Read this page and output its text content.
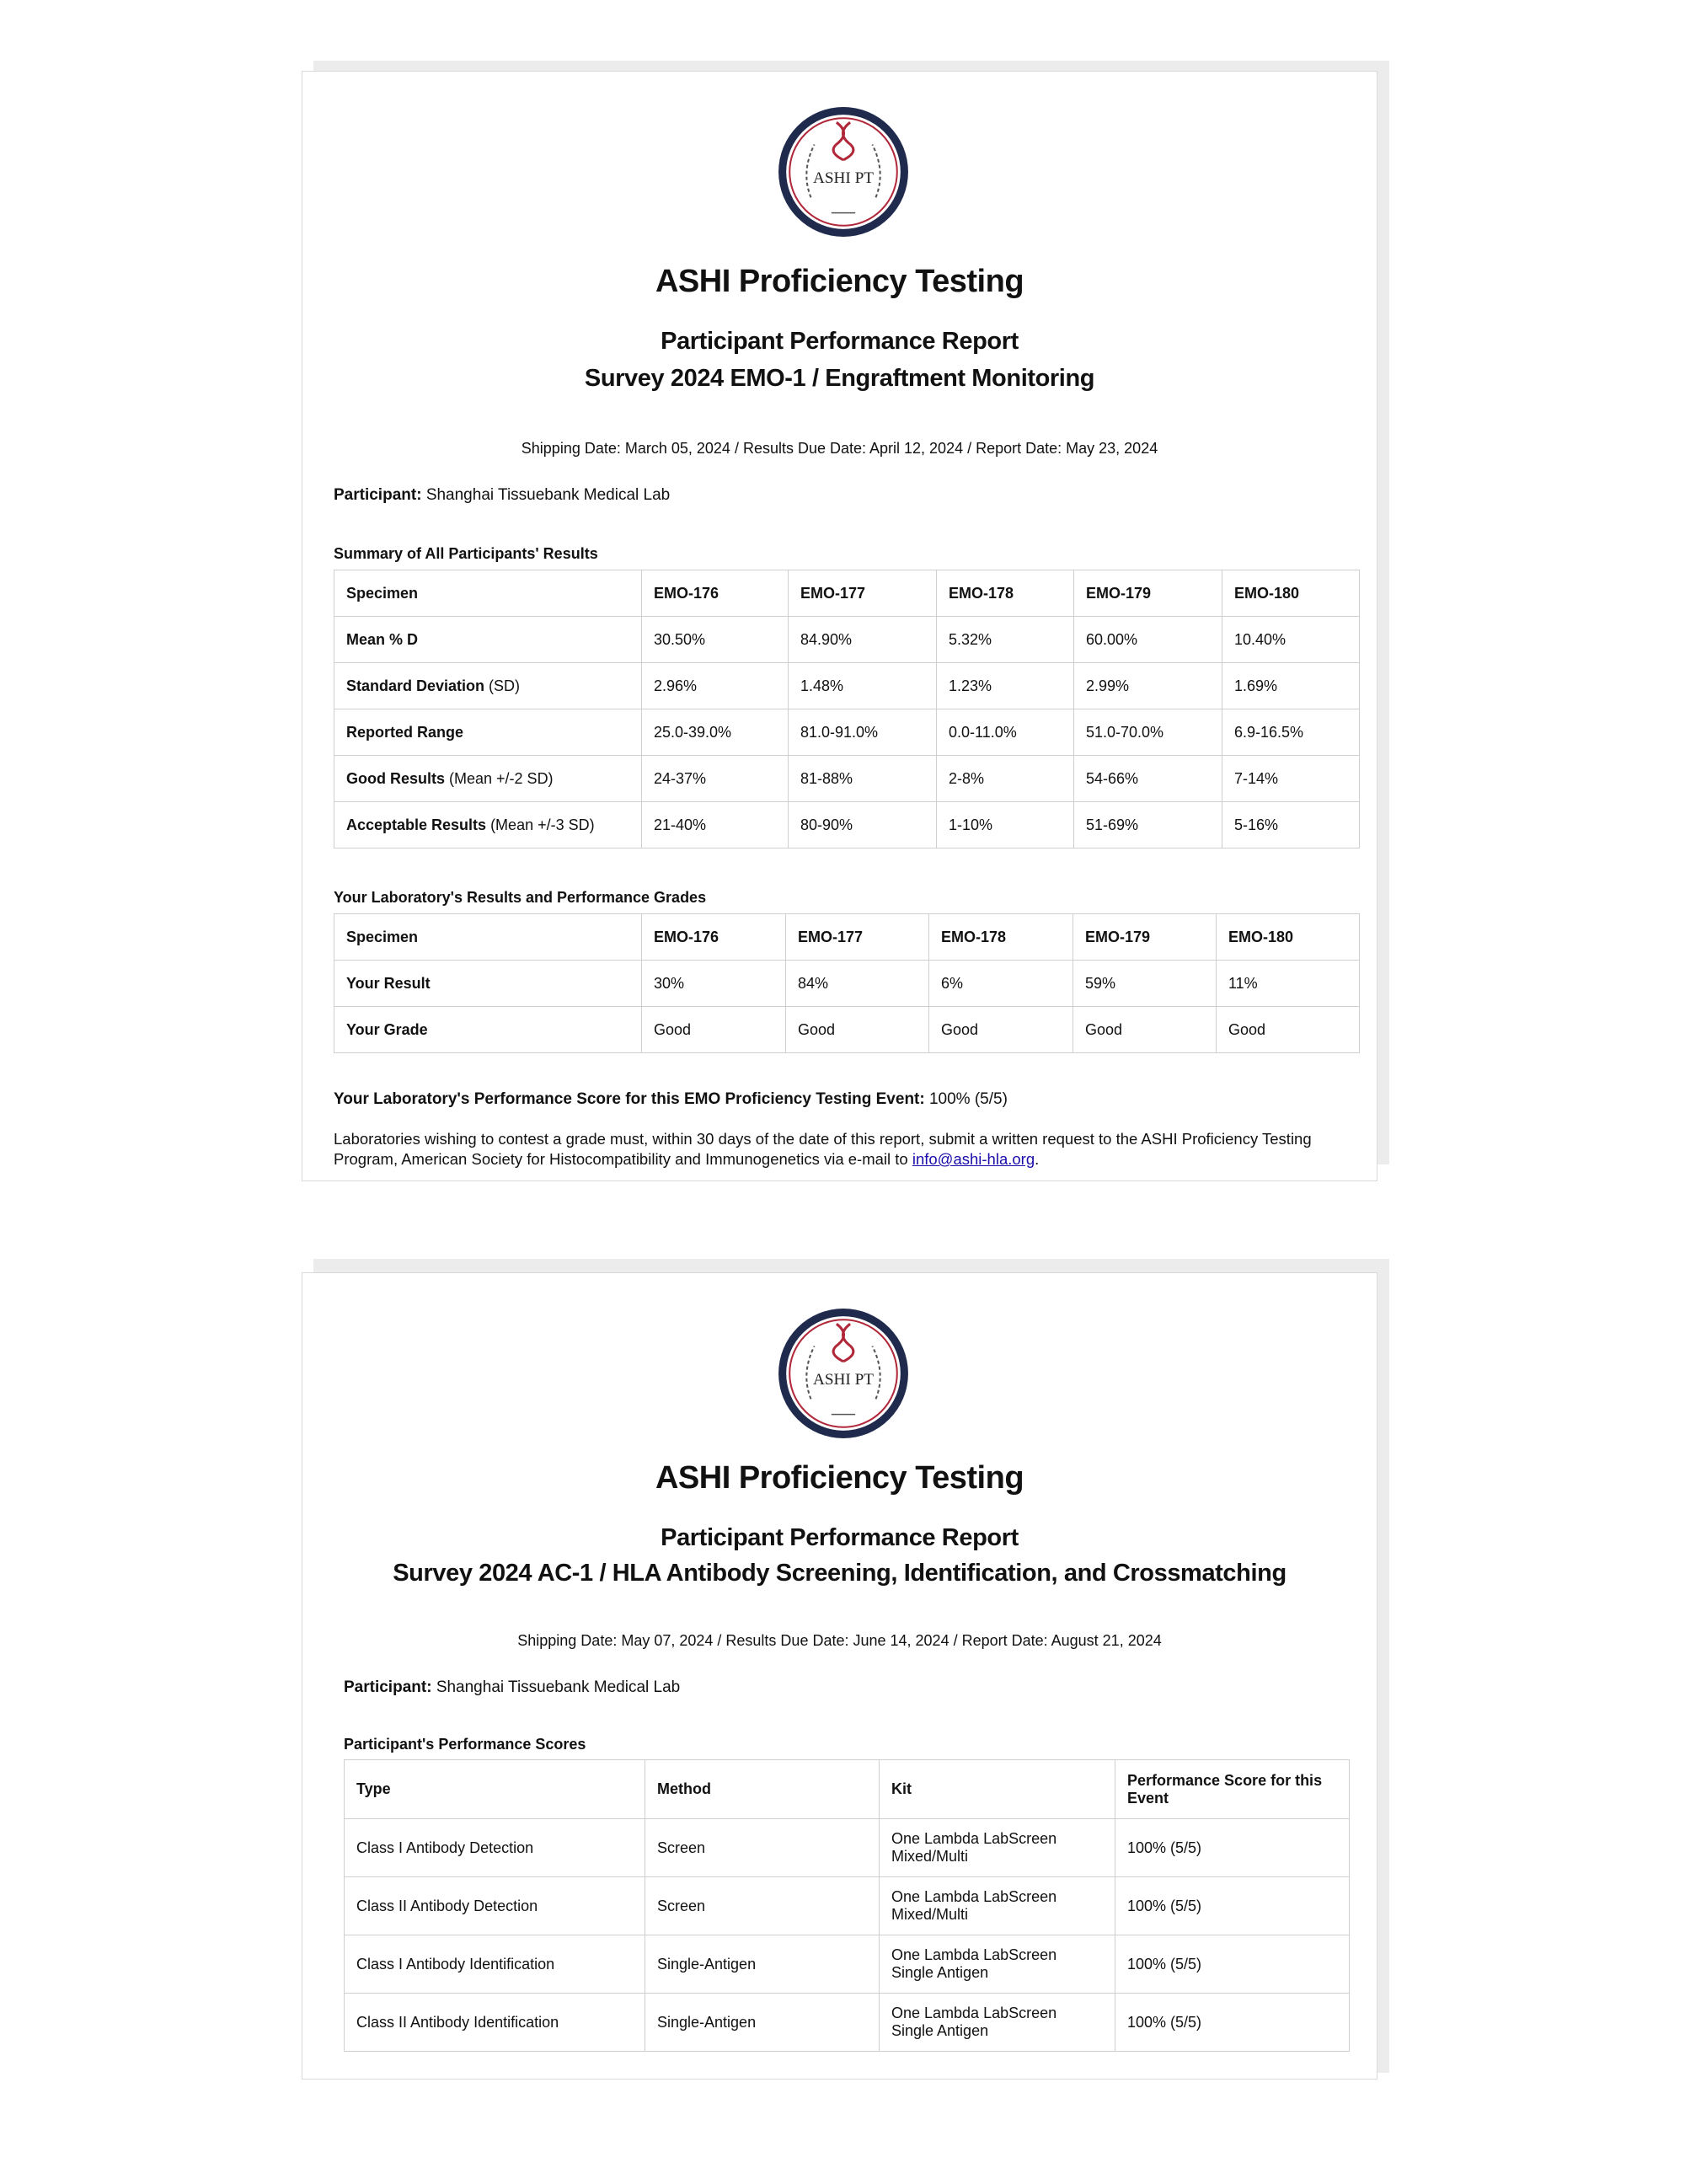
ASHI PT
ASHI Proficiency Testing
Participant Performance Report
Survey 2024 EMO-1 / Engraftment Monitoring
Shipping Date: March 05, 2024 / Results Due Date: April 12, 2024 / Report Date: May 23, 2024
Participant: Shanghai Tissuebank Medical Lab
Summary of All Participants' Results
Specimen	EMO-176	EMO-177	EMO-178	EMO-179	EMO-180
Mean % D	30.50%	84.90%	5.32%	60.00%	10.40%
Standard Deviation (SD)	2.96%	1.48%	1.23%	2.99%	1.69%
Reported Range	25.0-39.0%	81.0-91.0%	0.0-11.0%	51.0-70.0%	6.9-16.5%
Good Results (Mean +/-2 SD)	24-37%	81-88%	2-8%	54-66%	7-14%
Acceptable Results (Mean +/-3 SD)	21-40%	80-90%	1-10%	51-69%	5-16%
Your Laboratory's Results and Performance Grades
Specimen	EMO-176	EMO-177	EMO-178	EMO-179	EMO-180
Your Result	30%	84%	6%	59%	11%
Your Grade	Good	Good	Good	Good	Good
Your Laboratory's Performance Score for this EMO Proficiency Testing Event: 100% (5/5)
Laboratories wishing to contest a grade must, within 30 days of the date of this report, submit a written request to the ASHI Proficiency Testing Program, American Society for Histocompatibility and Immunogenetics via e-mail to info@ashi-hla.org.
ASHI PT
ASHI Proficiency Testing
Participant Performance Report
Survey 2024 AC-1 / HLA Antibody Screening, Identification, and Crossmatching
Shipping Date: May 07, 2024 / Results Due Date: June 14, 2024 / Report Date: August 21, 2024
Participant: Shanghai Tissuebank Medical Lab
Participant's Performance Scores
Type	Method	Kit	Performance Score for this Event
Class I Antibody Detection	Screen	One Lambda LabScreen Mixed/Multi	100% (5/5)
Class II Antibody Detection	Screen	One Lambda LabScreen Mixed/Multi	100% (5/5)
Class I Antibody Identification	Single-Antigen	One Lambda LabScreen Single Antigen	100% (5/5)
Class II Antibody Identification	Single-Antigen	One Lambda LabScreen Single Antigen	100% (5/5)
